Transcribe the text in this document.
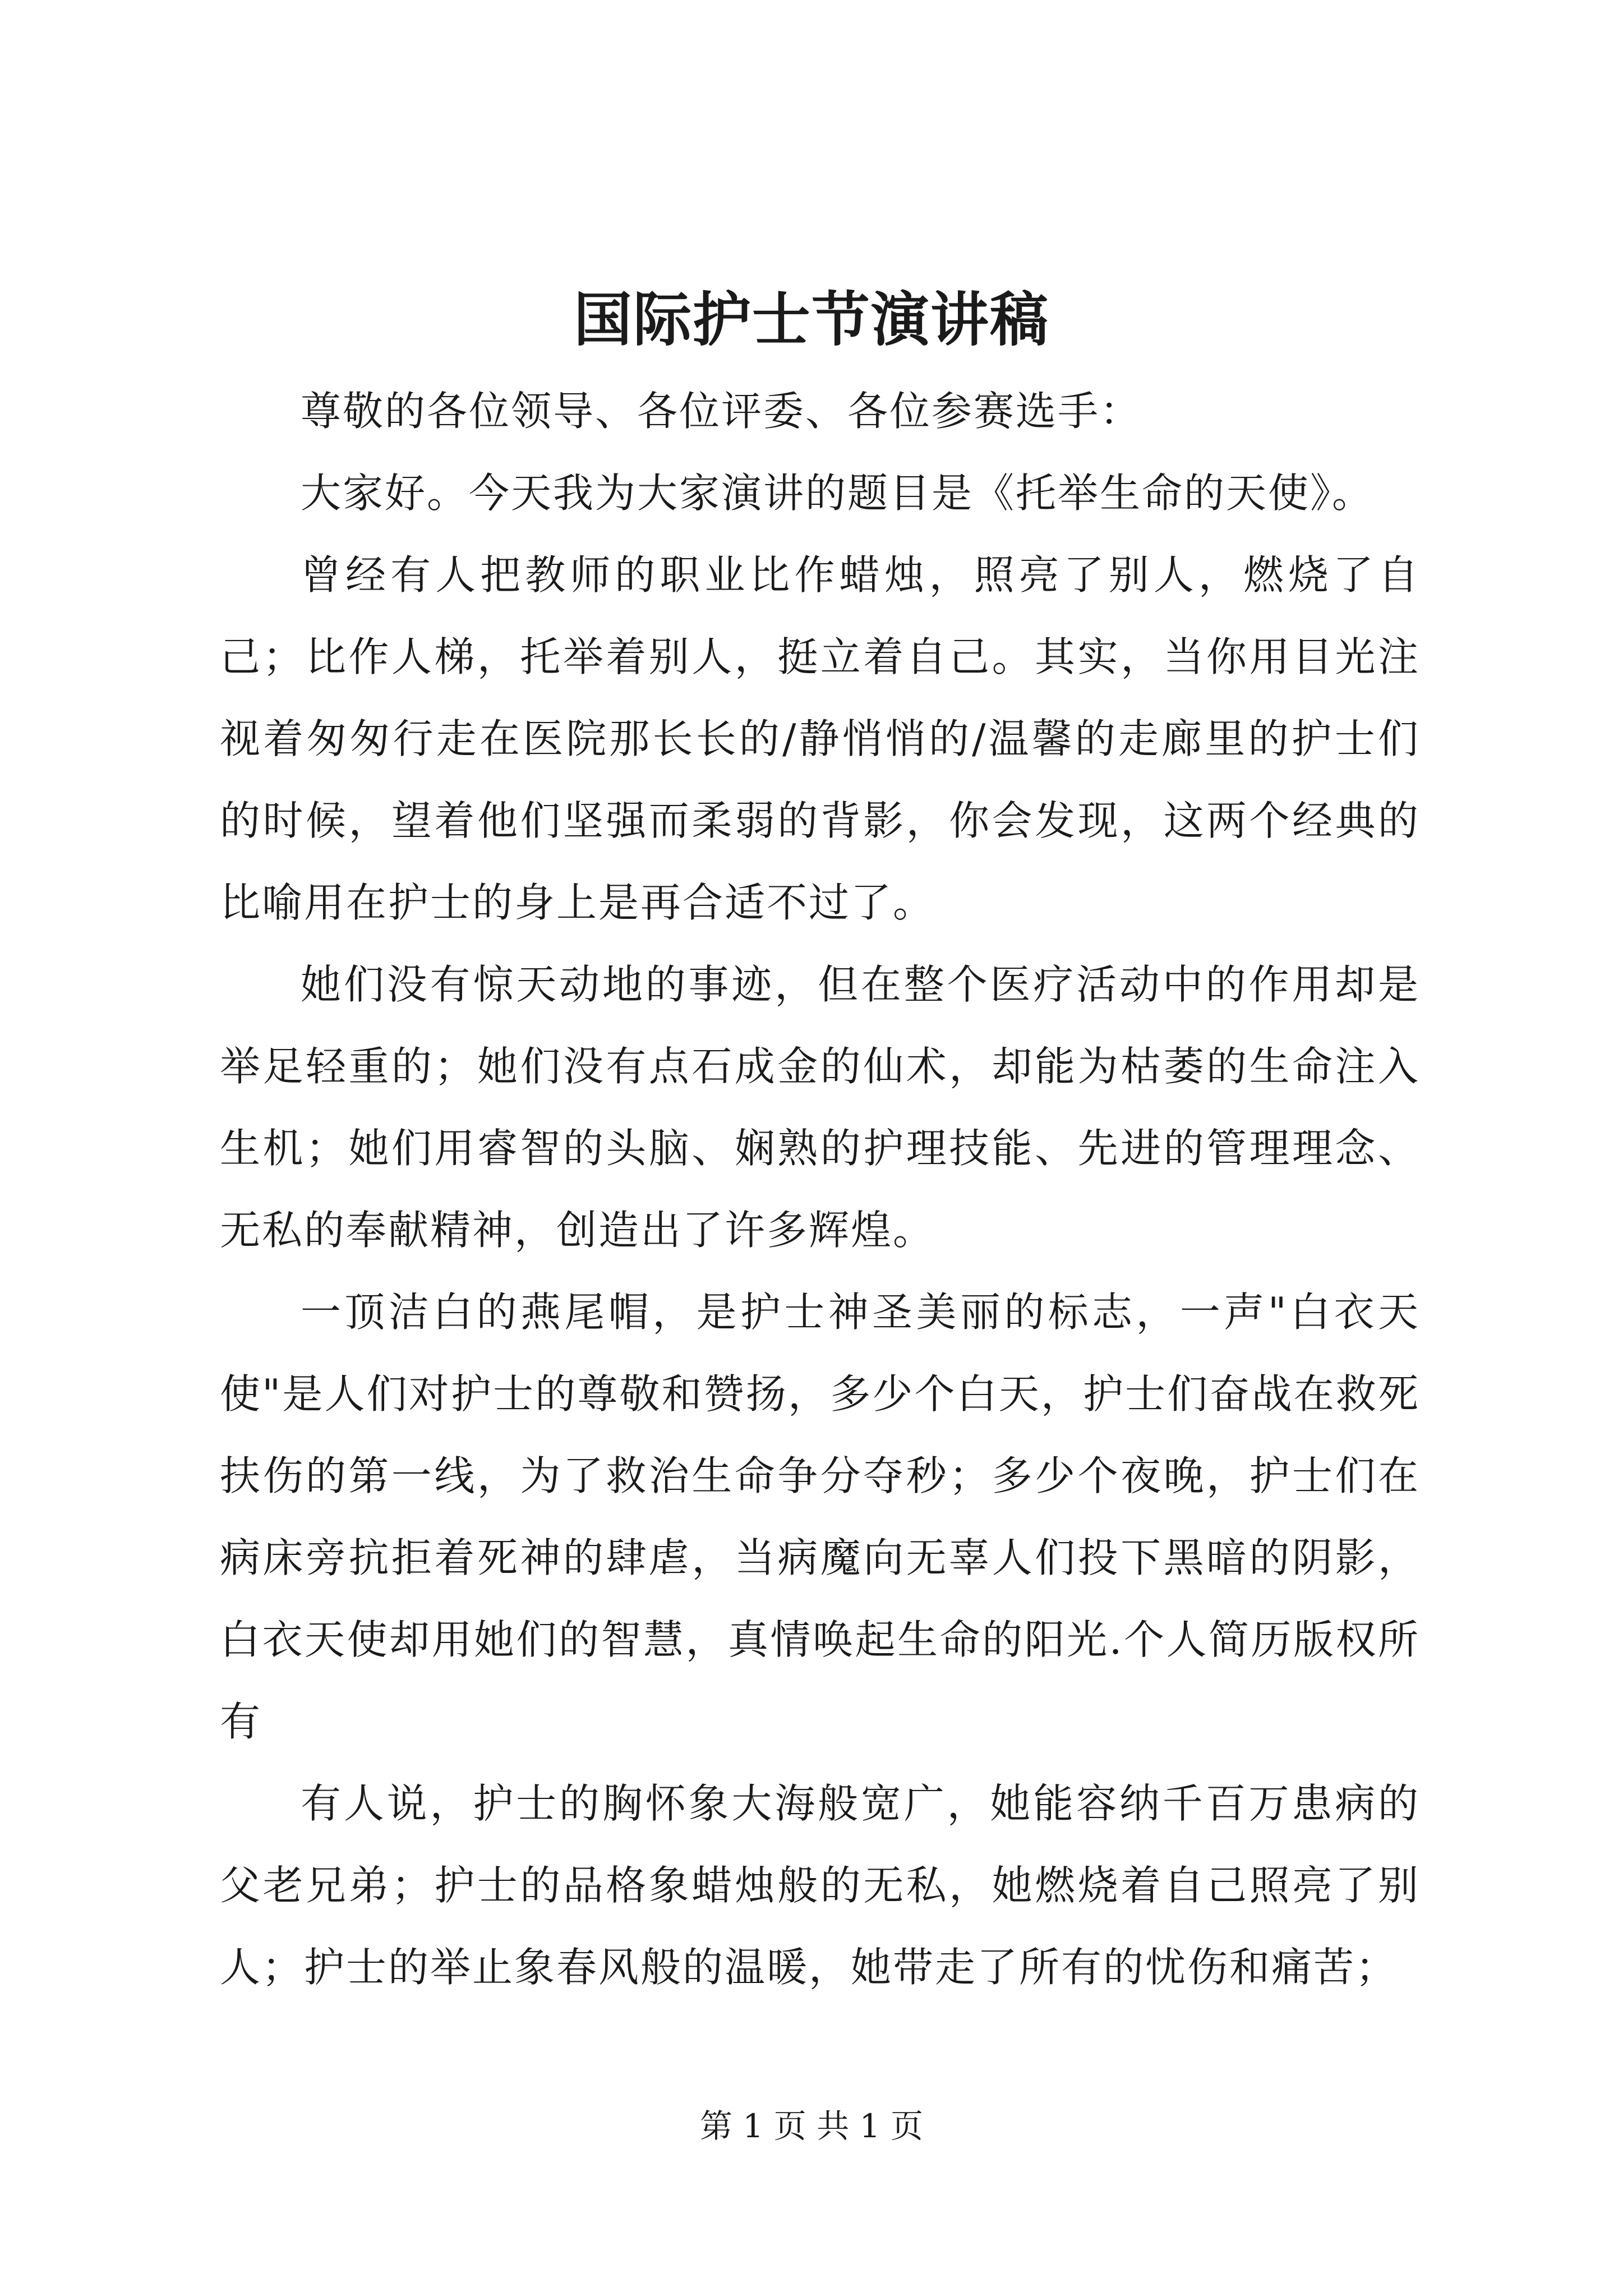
国际护士节演讲稿

尊敬的各位领导、各位评委、各位参赛选手：

大家好。今天我为大家演讲的题目是《托举生命的天使》。

曾经有人把教师的职业比作蜡烛，照亮了别人，燃烧了自己；比作人梯，托举着别人，挺立着自己。其实，当你用目光注视着匆匆行走在医院那长长的/静悄悄的/温馨的走廊里的护士们的时候，望着他们坚强而柔弱的背影，你会发现，这两个经典的比喻用在护士的身上是再合适不过了。

她们没有惊天动地的事迹，但在整个医疗活动中的作用却是举足轻重的；她们没有点石成金的仙术，却能为枯萎的生命注入生机；她们用睿智的头脑、娴熟的护理技能、先进的管理理念、无私的奉献精神，创造出了许多辉煌。

一顶洁白的燕尾帽，是护士神圣美丽的标志，一声"白衣天使"是人们对护士的尊敬和赞扬，多少个白天，护士们奋战在救死扶伤的第一线，为了救治生命争分夺秒；多少个夜晚，护士们在病床旁抗拒着死神的肆虐，当病魔向无辜人们投下黑暗的阴影，白衣天使却用她们的智慧，真情唤起生命的阳光.个人简历版权所有

有人说，护士的胸怀象大海般宽广，她能容纳千百万患病的父老兄弟；护士的品格象蜡烛般的无私，她燃烧着自己照亮了别人；护士的举止象春风般的温暖，她带走了所有的忧伤和痛苦；

第 1 页 共 1 页
